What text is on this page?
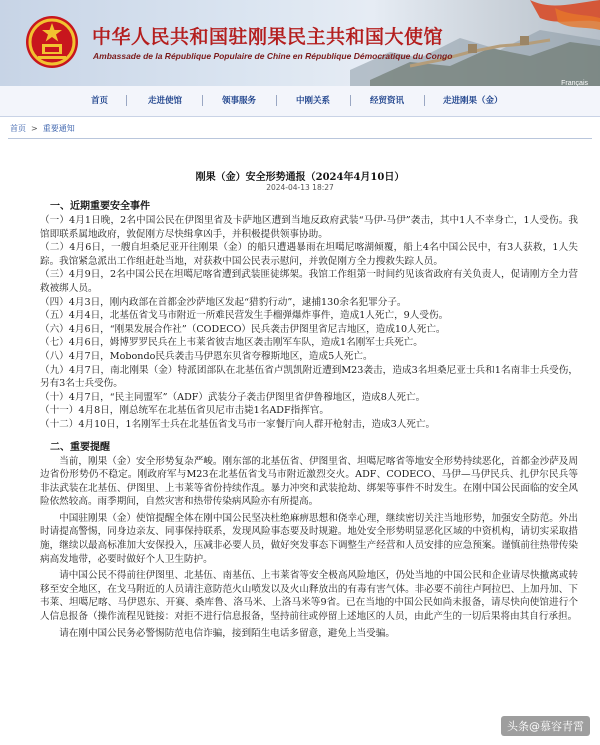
中华人民共和国驻刚果民主共和国大使馆
Ambassade de la République Populaire de Chine en République Démocratique du Congo
Français
首页	走进使馆	领事服务	中刚关系	经贸资讯	走进刚果（金）
首页 > 重要通知
刚果（金）安全形势通报（2024年4月10日）
2024-04-13 18:27
一、近期重要安全事件

（一）4月1日晚，2名中国公民在伊图里省及卡萨地区遭到当地反政府武装“马伊-马伊”袭击，其中1人不幸身亡，1人受伤。我馆即联系属地政府，敦促刚方尽快缉拿凶手，并积极提供领事协助。

（二）4月6日，一艘自坦桑尼亚开往刚果（金）的船只遭遇暴雨在坦噶尼喀湖倾覆，船上4名中国公民中，有3人获救，1人失踪。我馆紧急派出工作组赶赴当地，对获救中国公民表示慰问，并敦促刚方全力搜救失踪人员。

（三）4月9日，2名中国公民在坦噶尼喀省遭到武装匪徒绑架。我馆工作组第一时间约见该省政府有关负责人，促请刚方全力营救被绑人员。

（四）4月3日，刚内政部在首都金沙萨地区发起“猎豹行动”，逮捕130余名犯罪分子。

（五）4月4日，北基伍省戈马市附近一所难民营发生手榴弹爆炸事件，造成1人死亡，9人受伤。

（六）4月6日，“刚果发展合作社”（CODECO）民兵袭击伊图里省尼吉地区，造成10人死亡。

（七）4月6日，姆博罗罗民兵在上韦莱省彼吉地区袭击刚军车队，造成1名刚军士兵死亡。

（八）4月7日，Mobondo民兵袭击马伊恩东贝省夸穆斯地区，造成5人死亡。

（九）4月7日，南北刚果（金）特派团部队在北基伍省卢凯凯附近遭到M23袭击，造成3名坦桑尼亚士兵和1名南非士兵受伤，另有3名士兵受伤。

（十）4月7日，“民主同盟军”（ADF）武装分子袭击伊图里省伊鲁穆地区，造成8人死亡。

（十一）4月8日，刚总统军在北基伍省贝尼市击毙1名ADF指挥官。

（十二）4月10日，1名刚军士兵在北基伍省戈马市一家餐厅向人群开枪射击，造成3人死亡。

二、重要提醒

当前，刚果（金）安全形势复杂严峻。刚东部的北基伍省、伊图里省、坦噶尼喀省等地安全形势持续恶化，首都金沙萨及周边省份形势仍不稳定。刚政府军与M23在北基伍省戈马市附近激烈交火。ADF、CODECO、马伊—马伊民兵、扎伊尔民兵等非法武装在北基伍、伊图里、上韦莱等省份持续作乱。暴力冲突和武装抢劫、绑架等事件不时发生。在刚中国公民面临的安全风险依然较高。雨季期间，自然灾害和热带传染病风险亦有所提高。

中国驻刚果（金）使馆提醒全体在刚中国公民坚决杜绝麻痹思想和侥幸心理，继续密切关注当地形势，加强安全防范。外出时请提高警惕，同身边亲友、同事保持联系，发现风险事态要及时规避。地处安全形势明显恶化区域的中资机构，请切实采取措施，继续以最高标准加大安保投入，压减非必要人员，做好突发事态下调整生产经营和人员安排的应急预案。谨慎前往热带传染病高发地带，必要时做好个人卫生防护。

请中国公民不得前往伊图里、北基伍、南基伍、上韦莱省等安全极高风险地区，仍处当地的中国公民和企业请尽快撤离或转移至安全地区，在戈马附近的人员请注意防范火山喷发以及火山释放出的有毒有害气体。非必要不前往卢阿拉巴、上加丹加、下韦莱、坦噶尼喀、马伊恩东、开赛、桑库鲁、洛马米、上洛马米等9省。已在当地的中国公民如尚未报备，请尽快向使馆进行个人信息报备（操作流程见链接：对拒不进行信息报备，坚持前往或停留上述地区的人员，由此产生的一切后果将由其自行承担。

请在刚中国公民务必警惕防范电信诈骗，接到陌生电话多留意，避免上当受骗。

头条@慕容青霄
